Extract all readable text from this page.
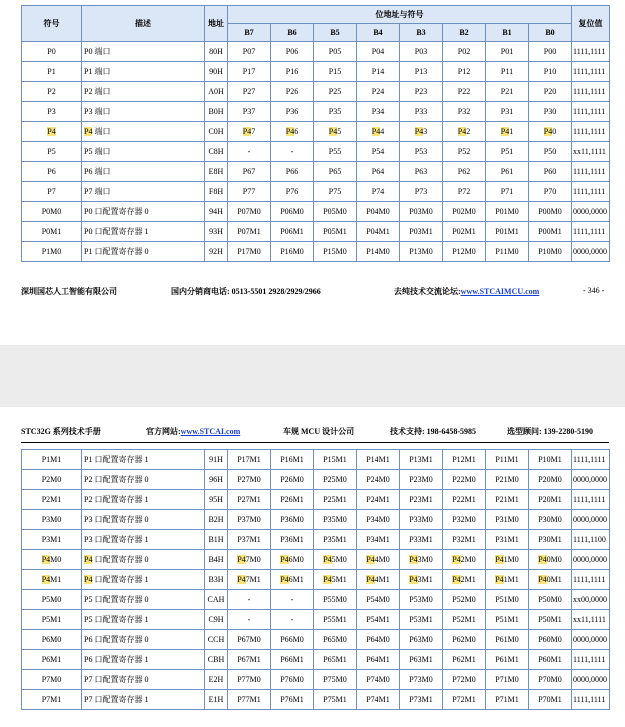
符号	描述	地址	位地址与符号								复位值
			B7	B6	B5	B4	B3	B2	B1	B0	
P0	P0 端口	80H	P07	P06	P05	P04	P03	P02	P01	P00	1111,1111
P1	P1 端口	90H	P17	P16	P15	P14	P13	P12	P11	P10	1111,1111
P2	P2 端口	A0H	P27	P26	P25	P24	P23	P22	P21	P20	1111,1111
P3	P3 端口	B0H	P37	P36	P35	P34	P33	P32	P31	P30	1111,1111
P4	P4 端口	C0H	P47	P46	P45	P44	P43	P42	P41	P40	1111,1111
P5	P5 端口	C8H	-	-	P55	P54	P53	P52	P51	P50	xx11,1111
P6	P6 端口	E8H	P67	P66	P65	P64	P63	P62	P61	P60	1111,1111
P7	P7 端口	F8H	P77	P76	P75	P74	P73	P72	P71	P70	1111,1111
P0M0	P0 口配置寄存器 0	94H	P07M0	P06M0	P05M0	P04M0	P03M0	P02M0	P01M0	P00M0	0000,0000
P0M1	P0 口配置寄存器 1	93H	P07M1	P06M1	P05M1	P04M1	P03M1	P02M1	P01M1	P00M1	1111,1111
P1M0	P1 口配置寄存器 0	92H	P17M0	P16M0	P15M0	P14M0	P13M0	P12M0	P11M0	P10M0	0000,0000
深圳国芯人工智能有限公司	国内分销商电话: 0513-5501 2928/2929/2966	去纯技术交流论坛:www.STCAIMCU.com	- 346 -
STC32G 系列技术手册	官方网站:www.STCAI.com	车规 MCU 设计公司	技术支持: 198-6458-5985	选型顾问: 139-2280-5190
P1M1	P1 口配置寄存器 1	91H	P17M1	P16M1	P15M1	P14M1	P13M1	P12M1	P11M1	P10M1	1111,1111
P2M0	P2 口配置寄存器 0	96H	P27M0	P26M0	P25M0	P24M0	P23M0	P22M0	P21M0	P20M0	0000,0000
P2M1	P2 口配置寄存器 1	95H	P27M1	P26M1	P25M1	P24M1	P23M1	P22M1	P21M1	P20M1	1111,1111
P3M0	P3 口配置寄存器 0	B2H	P37M0	P36M0	P35M0	P34M0	P33M0	P32M0	P31M0	P30M0	0000,0000
P3M1	P3 口配置寄存器 1	B1H	P37M1	P36M1	P35M1	P34M1	P33M1	P32M1	P31M1	P30M1	1111,1100
P4M0	P4 口配置寄存器 0	B4H	P47M0	P46M0	P45M0	P44M0	P43M0	P42M0	P41M0	P40M0	0000,0000
P4M1	P4 口配置寄存器 1	B3H	P47M1	P46M1	P45M1	P44M1	P43M1	P42M1	P41M1	P40M1	1111,1111
P5M0	P5 口配置寄存器 0	CAH	-	-	P55M0	P54M0	P53M0	P52M0	P51M0	P50M0	xx00,0000
P5M1	P5 口配置寄存器 1	C9H	-	-	P55M1	P54M1	P53M1	P52M1	P51M1	P50M1	xx11,1111
P6M0	P6 口配置寄存器 0	CCH	P67M0	P66M0	P65M0	P64M0	P63M0	P62M0	P61M0	P60M0	0000,0000
P6M1	P6 口配置寄存器 1	CBH	P67M1	P66M1	P65M1	P64M1	P63M1	P62M1	P61M1	P60M1	1111,1111
P7M0	P7 口配置寄存器 0	E2H	P77M0	P76M0	P75M0	P74M0	P73M0	P72M0	P71M0	P70M0	0000,0000
P7M1	P7 口配置寄存器 1	E1H	P77M1	P76M1	P75M1	P74M1	P73M1	P72M1	P71M1	P70M1	1111,1111
